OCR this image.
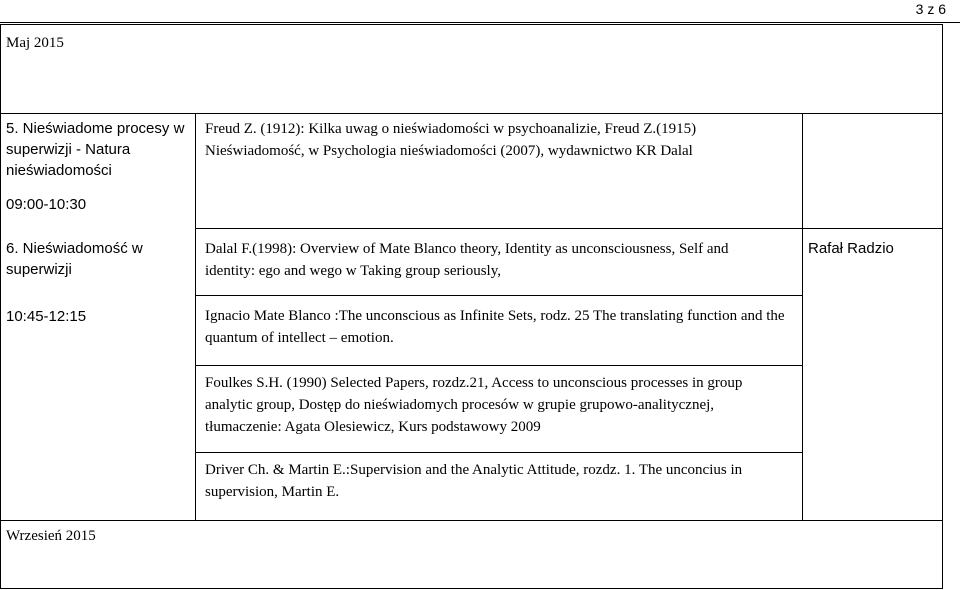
3 z 6
Maj 2015
5. Nieświadome procesy w superwizji - Natura nieświadomości
09:00-10:30
Freud Z. (1912): Kilka uwag o nieświadomości w psychoanalizie, Freud Z.(1915) Nieświadomość, w Psychologia nieświadomości (2007), wydawnictwo KR Dalal
6. Nieświadomość w superwizji
10:45-12:15
Dalal F.(1998): Overview of Mate Blanco theory, Identity as unconsciousness, Self and identity: ego and wego w Taking group seriously,
Ignacio Mate Blanco :The unconscious as Infinite Sets, rodz. 25 The translating function and the quantum of intellect – emotion.
Foulkes S.H. (1990) Selected Papers, rozdz.21, Access to unconscious processes in group analytic group, Dostęp do nieświadomych procesów w grupie grupowo-analitycznej, tłumaczenie: Agata Olesiewicz, Kurs podstawowy 2009
Driver Ch. & Martin E.:Supervision and the Analytic Attitude, rozdz. 1. The unconcius in supervision, Martin E.
Rafał Radzio
Wrzesień 2015
